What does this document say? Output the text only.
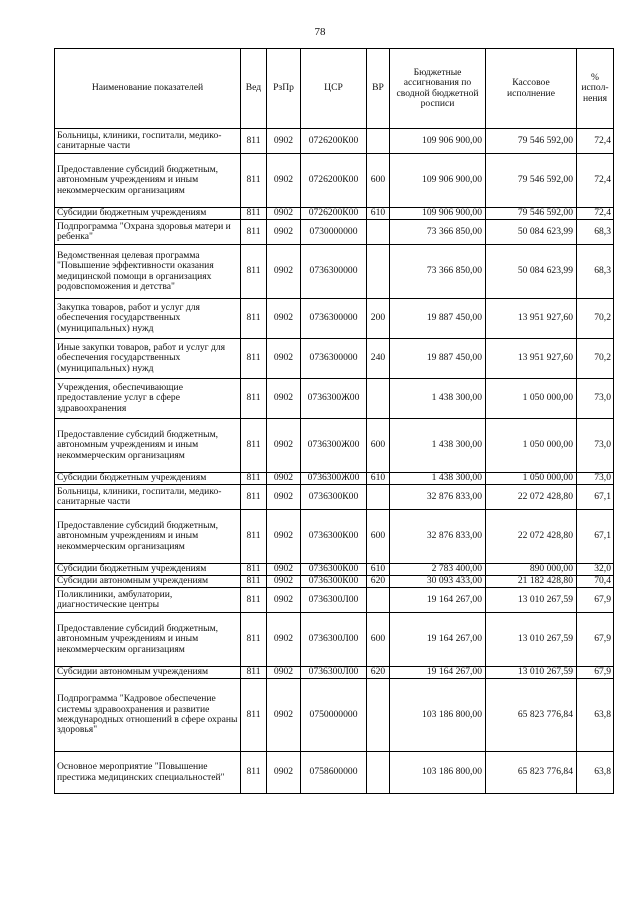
78
Наименование показателей	Вед	РзПр	ЦСР	ВР	Бюджетные ассигнования по сводной бюджетной росписи	Кассовое исполнение	% испол-нения
Больницы, клиники, госпитали, медико-санитарные части	811	0902	0726200К00		109 906 900,00	79 546 592,00	72,4
Предоставление субсидий бюджетным, автономным учреждениям и иным некоммерческим организациям	811	0902	0726200К00	600	109 906 900,00	79 546 592,00	72,4
Субсидии бюджетным учреждениям	811	0902	0726200К00	610	109 906 900,00	79 546 592,00	72,4
Подпрограмма "Охрана здоровья матери и ребенка"	811	0902	0730000000		73 366 850,00	50 084 623,99	68,3
Ведомственная целевая программа "Повышение эффективности оказания медицинской помощи в организациях родовспоможения и детства"	811	0902	0736300000		73 366 850,00	50 084 623,99	68,3
Закупка товаров, работ и услуг для обеспечения государственных (муниципальных) нужд	811	0902	0736300000	200	19 887 450,00	13 951 927,60	70,2
Иные закупки товаров, работ и услуг для обеспечения государственных (муниципальных) нужд	811	0902	0736300000	240	19 887 450,00	13 951 927,60	70,2
Учреждения, обеспечивающие предоставление услуг в сфере здравоохранения	811	0902	0736300Ж00		1 438 300,00	1 050 000,00	73,0
Предоставление субсидий бюджетным, автономным учреждениям и иным некоммерческим организациям	811	0902	0736300Ж00	600	1 438 300,00	1 050 000,00	73,0
Субсидии бюджетным учреждениям	811	0902	0736300Ж00	610	1 438 300,00	1 050 000,00	73,0
Больницы, клиники, госпитали, медико-санитарные части	811	0902	0736300К00		32 876 833,00	22 072 428,80	67,1
Предоставление субсидий бюджетным, автономным учреждениям и иным некоммерческим организациям	811	0902	0736300К00	600	32 876 833,00	22 072 428,80	67,1
Субсидии бюджетным учреждениям	811	0902	0736300К00	610	2 783 400,00	890 000,00	32,0
Субсидии автономным учреждениям	811	0902	0736300К00	620	30 093 433,00	21 182 428,80	70,4
Поликлиники, амбулатории, диагностические центры	811	0902	0736300Л00		19 164 267,00	13 010 267,59	67,9
Предоставление субсидий бюджетным, автономным учреждениям и иным некоммерческим организациям	811	0902	0736300Л00	600	19 164 267,00	13 010 267,59	67,9
Субсидии автономным учреждениям	811	0902	0736300Л00	620	19 164 267,00	13 010 267,59	67,9
Подпрограмма "Кадровое обеспечение системы здравоохранения и развитие международных отношений в сфере охраны здоровья"	811	0902	0750000000		103 186 800,00	65 823 776,84	63,8
Основное мероприятие "Повышение престижа медицинских специальностей"	811	0902	0758600000		103 186 800,00	65 823 776,84	63,8
